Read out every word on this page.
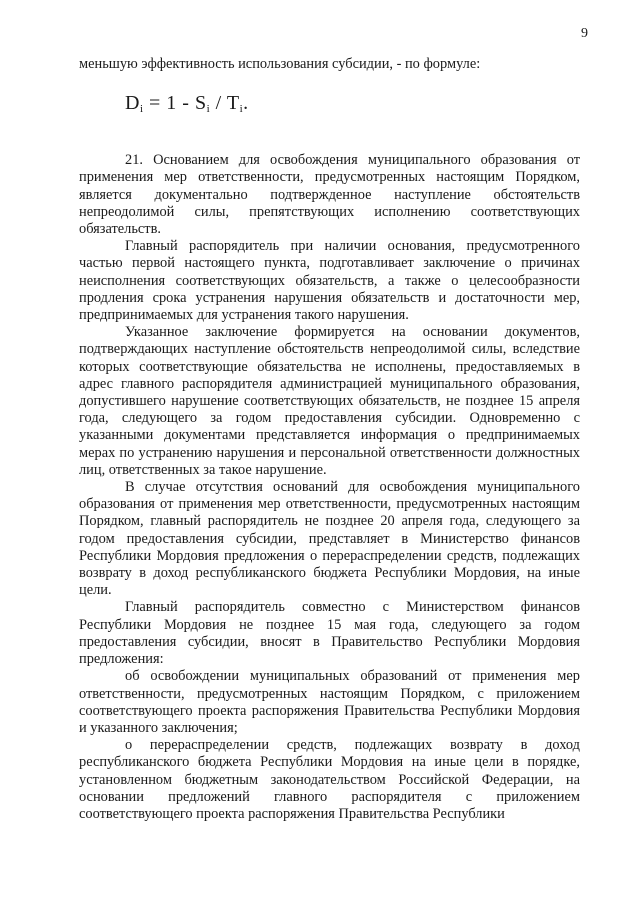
9

меньшую эффективность использования субсидии, - по формуле:

$D_i = 1 - S_i / T_i$.

21. Основанием для освобождения муниципального образования от применения мер ответственности, предусмотренных настоящим Порядком, является документально подтвержденное наступление обстоятельств непреодолимой силы, препятствующих исполнению соответствующих обязательств.

Главный распорядитель при наличии основания, предусмотренного частью первой настоящего пункта, подготавливает заключение о причинах неисполнения соответствующих обязательств, а также о целесообразности продления срока устранения нарушения обязательств и достаточности мер, предпринимаемых для устранения такого нарушения.

Указанное заключение формируется на основании документов, подтверждающих наступление обстоятельств непреодолимой силы, вследствие которых соответствующие обязательства не исполнены, предоставляемых в адрес главного распорядителя администрацией муниципального образования, допустившего нарушение соответствующих обязательств, не позднее 15 апреля года, следующего за годом предоставления субсидии. Одновременно с указанными документами представляется информация о предпринимаемых мерах по устранению нарушения и персональной ответственности должностных лиц, ответственных за такое нарушение.

В случае отсутствия оснований для освобождения муниципального образования от применения мер ответственности, предусмотренных настоящим Порядком, главный распорядитель не позднее 20 апреля года, следующего за годом предоставления субсидии, представляет в Министерство финансов Республики Мордовия предложения о перераспределении средств, подлежащих возврату в доход республиканского бюджета Республики Мордовия, на иные цели.

Главный распорядитель совместно с Министерством финансов Республики Мордовия не позднее 15 мая года, следующего за годом предоставления субсидии, вносят в Правительство Республики Мордовия предложения:

об освобождении муниципальных образований от применения мер ответственности, предусмотренных настоящим Порядком, с приложением соответствующего проекта распоряжения Правительства Республики Мордовия и указанного заключения;

о перераспределении средств, подлежащих возврату в доход республиканского бюджета Республики Мордовия на иные цели в порядке, установленном бюджетным законодательством Российской Федерации, на основании предложений главного распорядителя с приложением соответствующего проекта распоряжения Правительства Республики
